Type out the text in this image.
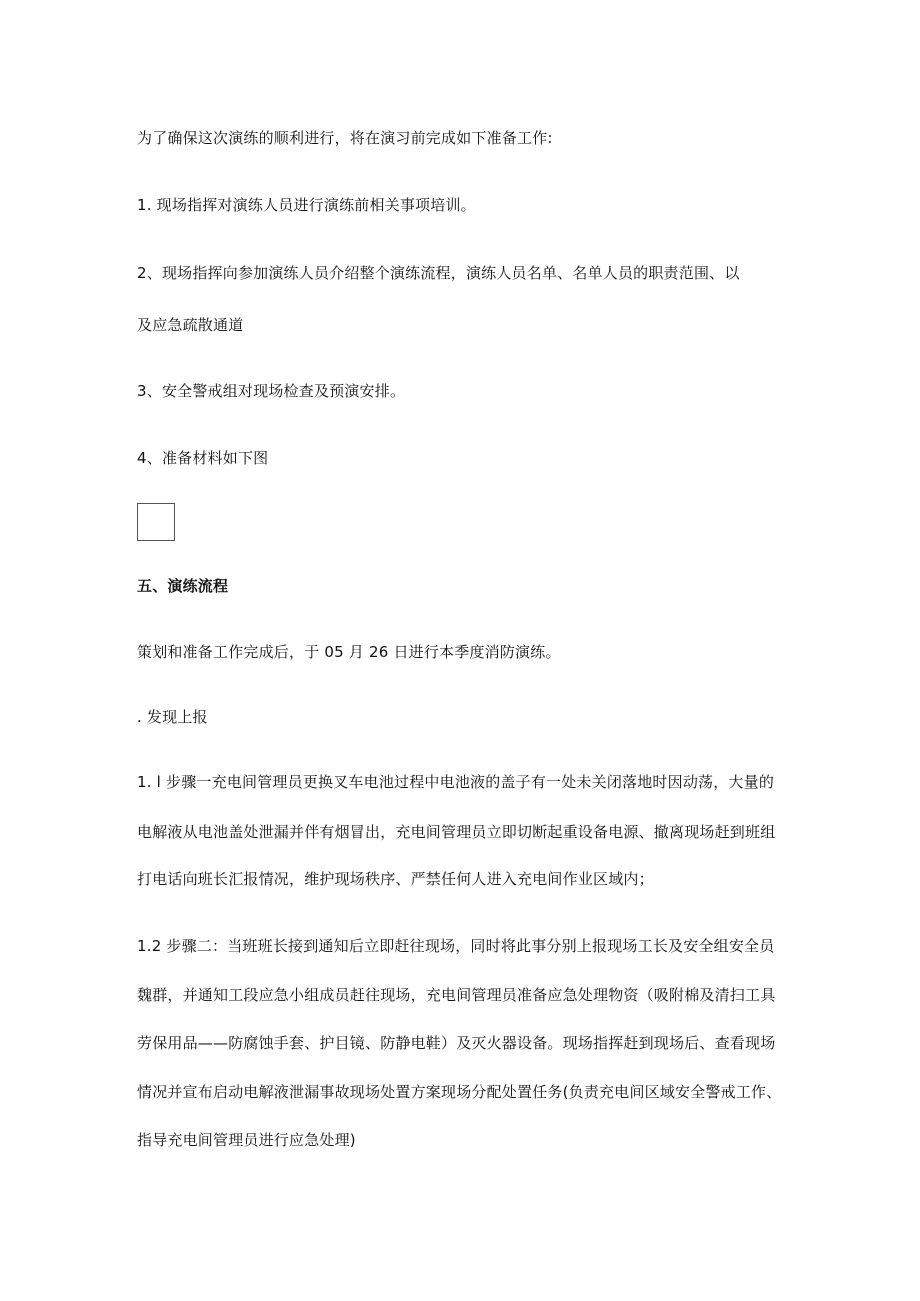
为了确保这次演练的顺利进行，将在演习前完成如下准备工作:
1. 现场指挥对演练人员进行演练前相关事项培训。
2、现场指挥向参加演练人员介绍整个演练流程，演练人员名单、名单人员的职责范围、以
及应急疏散通道
3、安全警戒组对现场检查及预演安排。
4、准备材料如下图
五、演练流程
策划和准备工作完成后，于 05 月 26 日进行本季度消防演练。
. 发现上报
1. l 步骤一充电间管理员更换叉车电池过程中电池液的盖子有一处未关闭落地时因动荡，大量的
电解液从电池盖处泄漏并伴有烟冒出，充电间管理员立即切断起重设备电源、撤离现场赶到班组
打电话向班长汇报情况，维护现场秩序、严禁任何人进入充电间作业区域内；
1.2 步骤二：当班班长接到通知后立即赶往现场，同时将此事分别上报现场工长及安全组安全员
魏群，并通知工段应急小组成员赶往现场，充电间管理员准备应急处理物资（吸附棉及清扫工具
劳保用品——防腐蚀手套、护目镜、防静电鞋）及灭火器设备。现场指挥赶到现场后、查看现场
情况并宣布启动电解液泄漏事故现场处置方案现场分配处置任务(负责充电间区域安全警戒工作、
指导充电间管理员进行应急处理)
